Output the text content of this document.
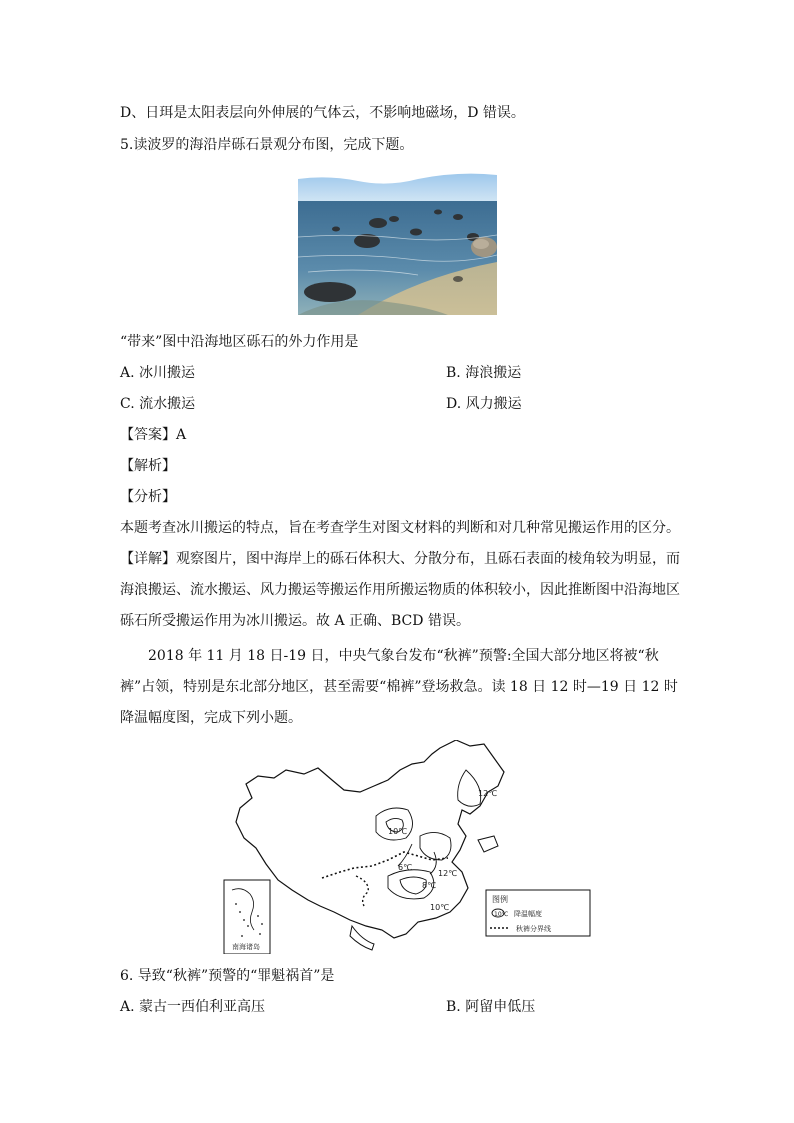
D、日珥是太阳表层向外伸展的气体云，不影响地磁场，D 错误。
5.读波罗的海沿岸砾石景观分布图，完成下题。
“带来”图中沿海地区砾石的外力作用是
A. 冰川搬运	B. 海浪搬运
C. 流水搬运	D. 风力搬运
【答案】A
【解析】
【分析】
本题考查冰川搬运的特点，旨在考查学生对图文材料的判断和对几种常见搬运作用的区分。
【详解】观察图片，图中海岸上的砾石体积大、分散分布，且砾石表面的棱角较为明显，而
海浪搬运、流水搬运、风力搬运等搬运作用所搬运物质的体积较小，因此推断图中沿海地区
砾石所受搬运作用为冰川搬运。故 A 正确、BCD 错误。
2018 年 11 月 18 日-19 日，中央气象台发布“秋裤”预警:全国大部分地区将被“秋
裤”占领，特别是东北部分地区，甚至需要“棉裤”登场救急。读 18 日 12 时—19 日 12 时
降温幅度图，完成下列小题。
12℃
10℃
6℃
12℃
8℃
10℃
南海诸岛
图例
10℃ 降温幅度
秋裤分界线
6. 导致“秋裤”预警的“罪魁祸首”是
A. 蒙古一西伯利亚高压	B. 阿留申低压
